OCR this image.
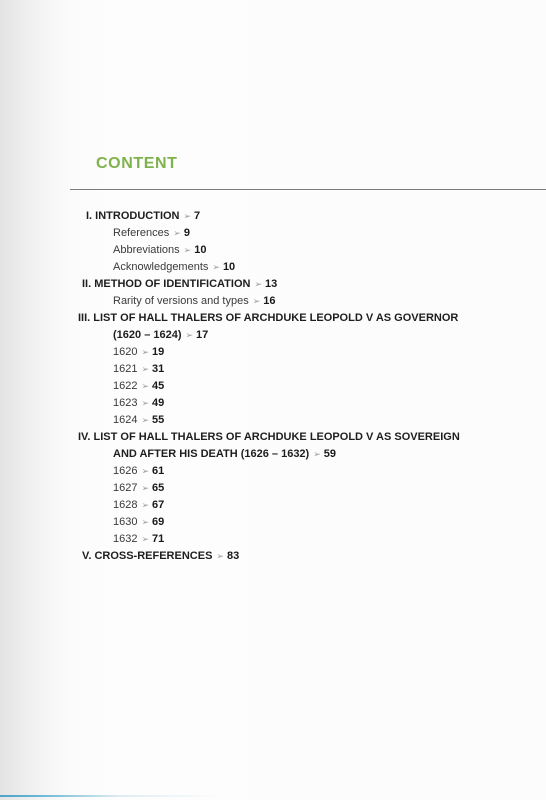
CONTENT
I. INTRODUCTION ➢ 7
References ➢ 9
Abbreviations ➢ 10
Acknowledgements ➢ 10
II. METHOD OF IDENTIFICATION ➢ 13
Rarity of versions and types ➢ 16
III. LIST OF HALL THALERS OF ARCHDUKE LEOPOLD V AS GOVERNOR
(1620 – 1624) ➢ 17
1620 ➢ 19
1621 ➢ 31
1622 ➢ 45
1623 ➢ 49
1624 ➢ 55
IV. LIST OF HALL THALERS OF ARCHDUKE LEOPOLD V AS SOVEREIGN
AND AFTER HIS DEATH (1626 – 1632) ➢ 59
1626 ➢ 61
1627 ➢ 65
1628 ➢ 67
1630 ➢ 69
1632 ➢ 71
V. CROSS-REFERENCES ➢ 83
